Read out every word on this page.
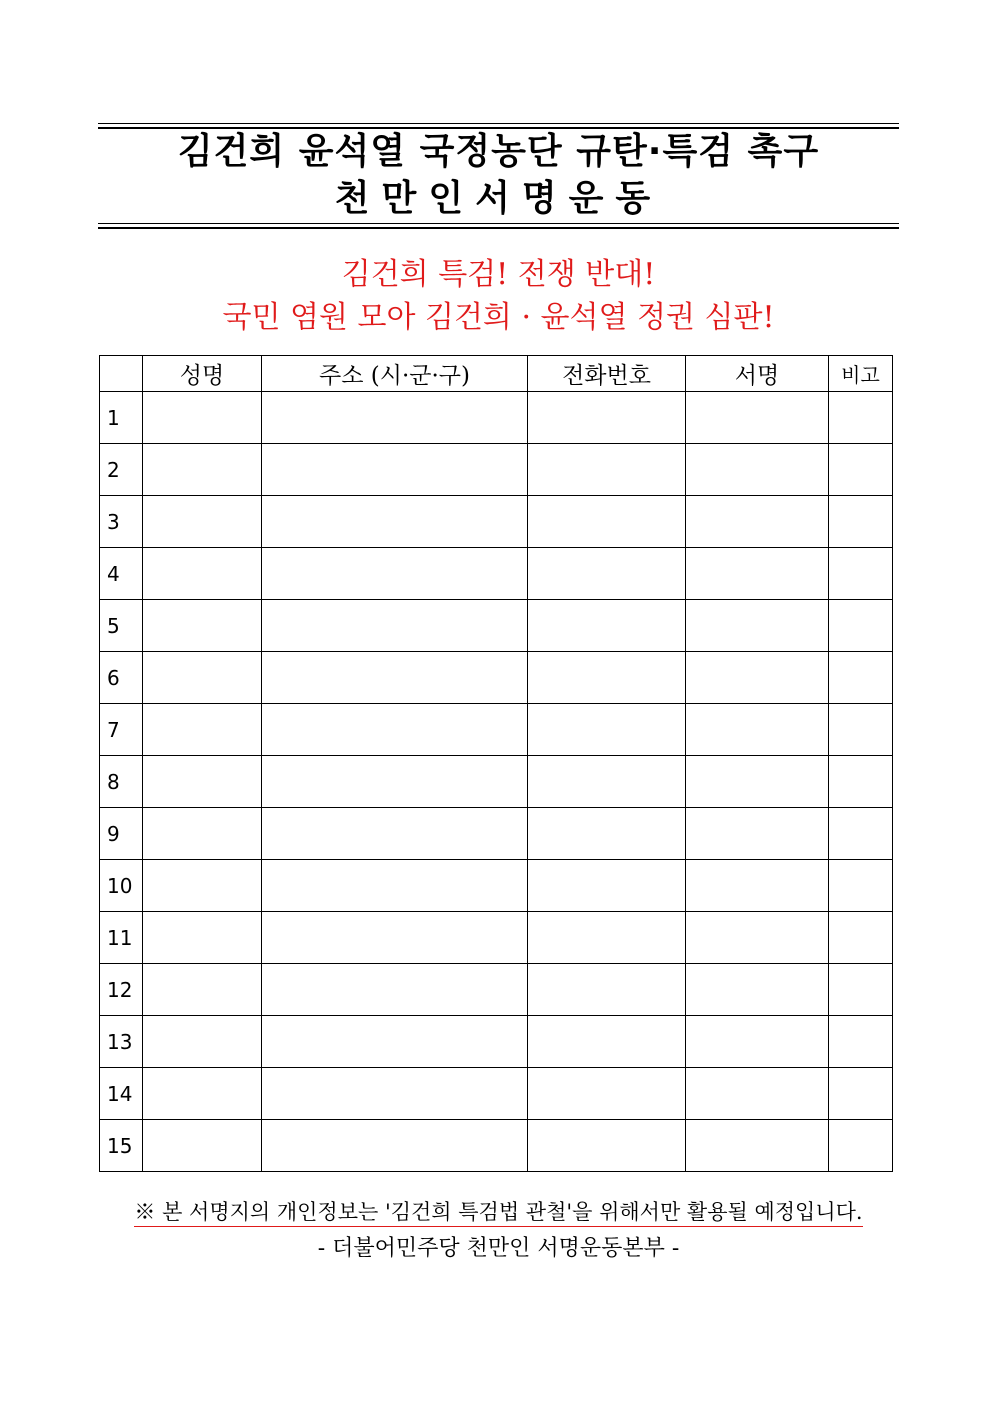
김건희 윤석열 국정농단 규탄·특검 촉구
천만인서명운동
김건희 특검! 전쟁 반대!
국민 염원 모아 김건희 · 윤석열 정권 심판!
	성명	주소 (시·군·구)	전화번호	서명	비고
1					
2					
3					
4					
5					
6					
7					
8					
9					
10					
11					
12					
13					
14					
15					
※ 본 서명지의 개인정보는 '김건희 특검법 관철'을 위해서만 활용될 예정입니다.
- 더불어민주당 천만인 서명운동본부 -
